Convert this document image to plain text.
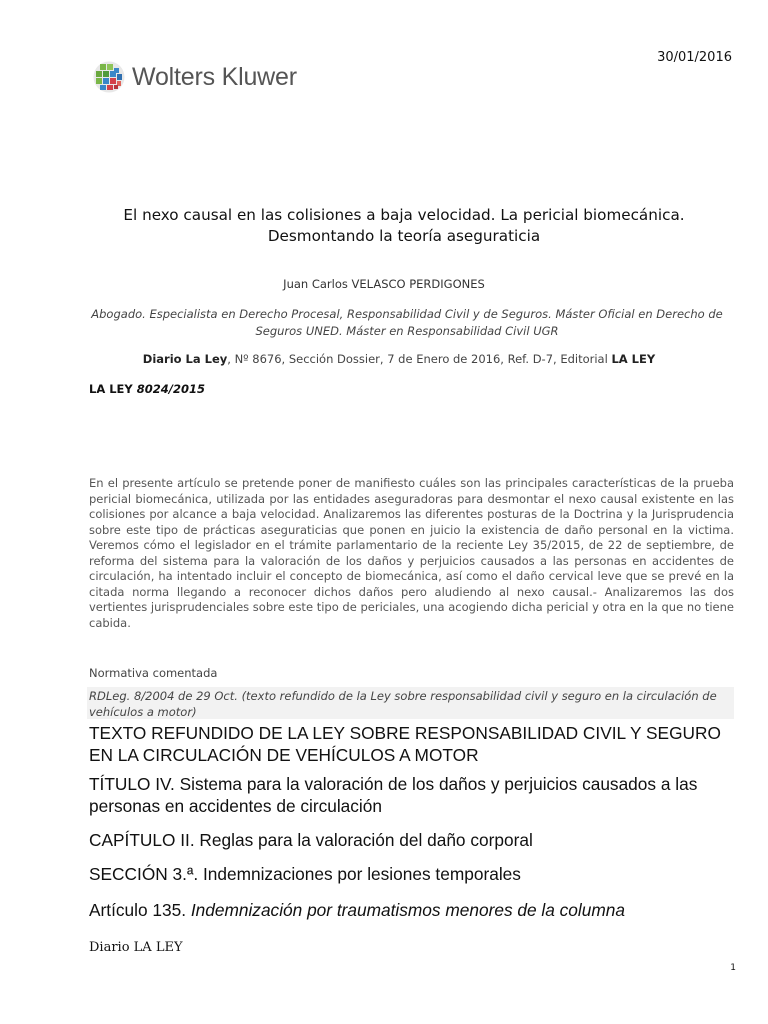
30/01/2016
Wolters Kluwer
El nexo causal en las colisiones a baja velocidad. La pericial biomecánica.
Desmontando la teoría aseguraticia
Juan Carlos VELASCO PERDIGONES
Abogado. Especialista en Derecho Procesal, Responsabilidad Civil y de Seguros. Máster Oficial en Derecho de Seguros UNED. Máster en Responsabilidad Civil UGR
Diario La Ley, Nº 8676, Sección Dossier, 7 de Enero de 2016, Ref. D-7, Editorial LA LEY
LA LEY 8024/2015
En el presente artículo se pretende poner de manifiesto cuáles son las principales características de la prueba pericial biomecánica, utilizada por las entidades aseguradoras para desmontar el nexo causal existente en las colisiones por alcance a baja velocidad. Analizaremos las diferentes posturas de la Doctrina y la Jurisprudencia sobre este tipo de prácticas aseguraticias que ponen en juicio la existencia de daño personal en la victima. Veremos cómo el legislador en el trámite parlamentario de la reciente Ley 35/2015, de 22 de septiembre, de reforma del sistema para la valoración de los daños y perjuicios causados a las personas en accidentes de circulación, ha intentado incluir el concepto de biomecánica, así como el daño cervical leve que se prevé en la citada norma llegando a reconocer dichos daños pero aludiendo al nexo causal.- Analizaremos las dos vertientes jurisprudenciales sobre este tipo de periciales, una acogiendo dicha pericial y otra en la que no tiene cabida.
Normativa comentada
RDLeg. 8/2004 de 29 Oct. (texto refundido de la Ley sobre responsabilidad civil y seguro en la circulación de vehículos a motor)
TEXTO REFUNDIDO DE LA LEY SOBRE RESPONSABILIDAD CIVIL Y SEGURO EN LA CIRCULACIÓN DE VEHÍCULOS A MOTOR
TÍTULO IV. Sistema para la valoración de los daños y perjuicios causados a las personas en accidentes de circulación
CAPÍTULO II. Reglas para la valoración del daño corporal
SECCIÓN 3.ª. Indemnizaciones por lesiones temporales
Artículo 135. Indemnización por traumatismos menores de la columna
Diario LA LEY
1
